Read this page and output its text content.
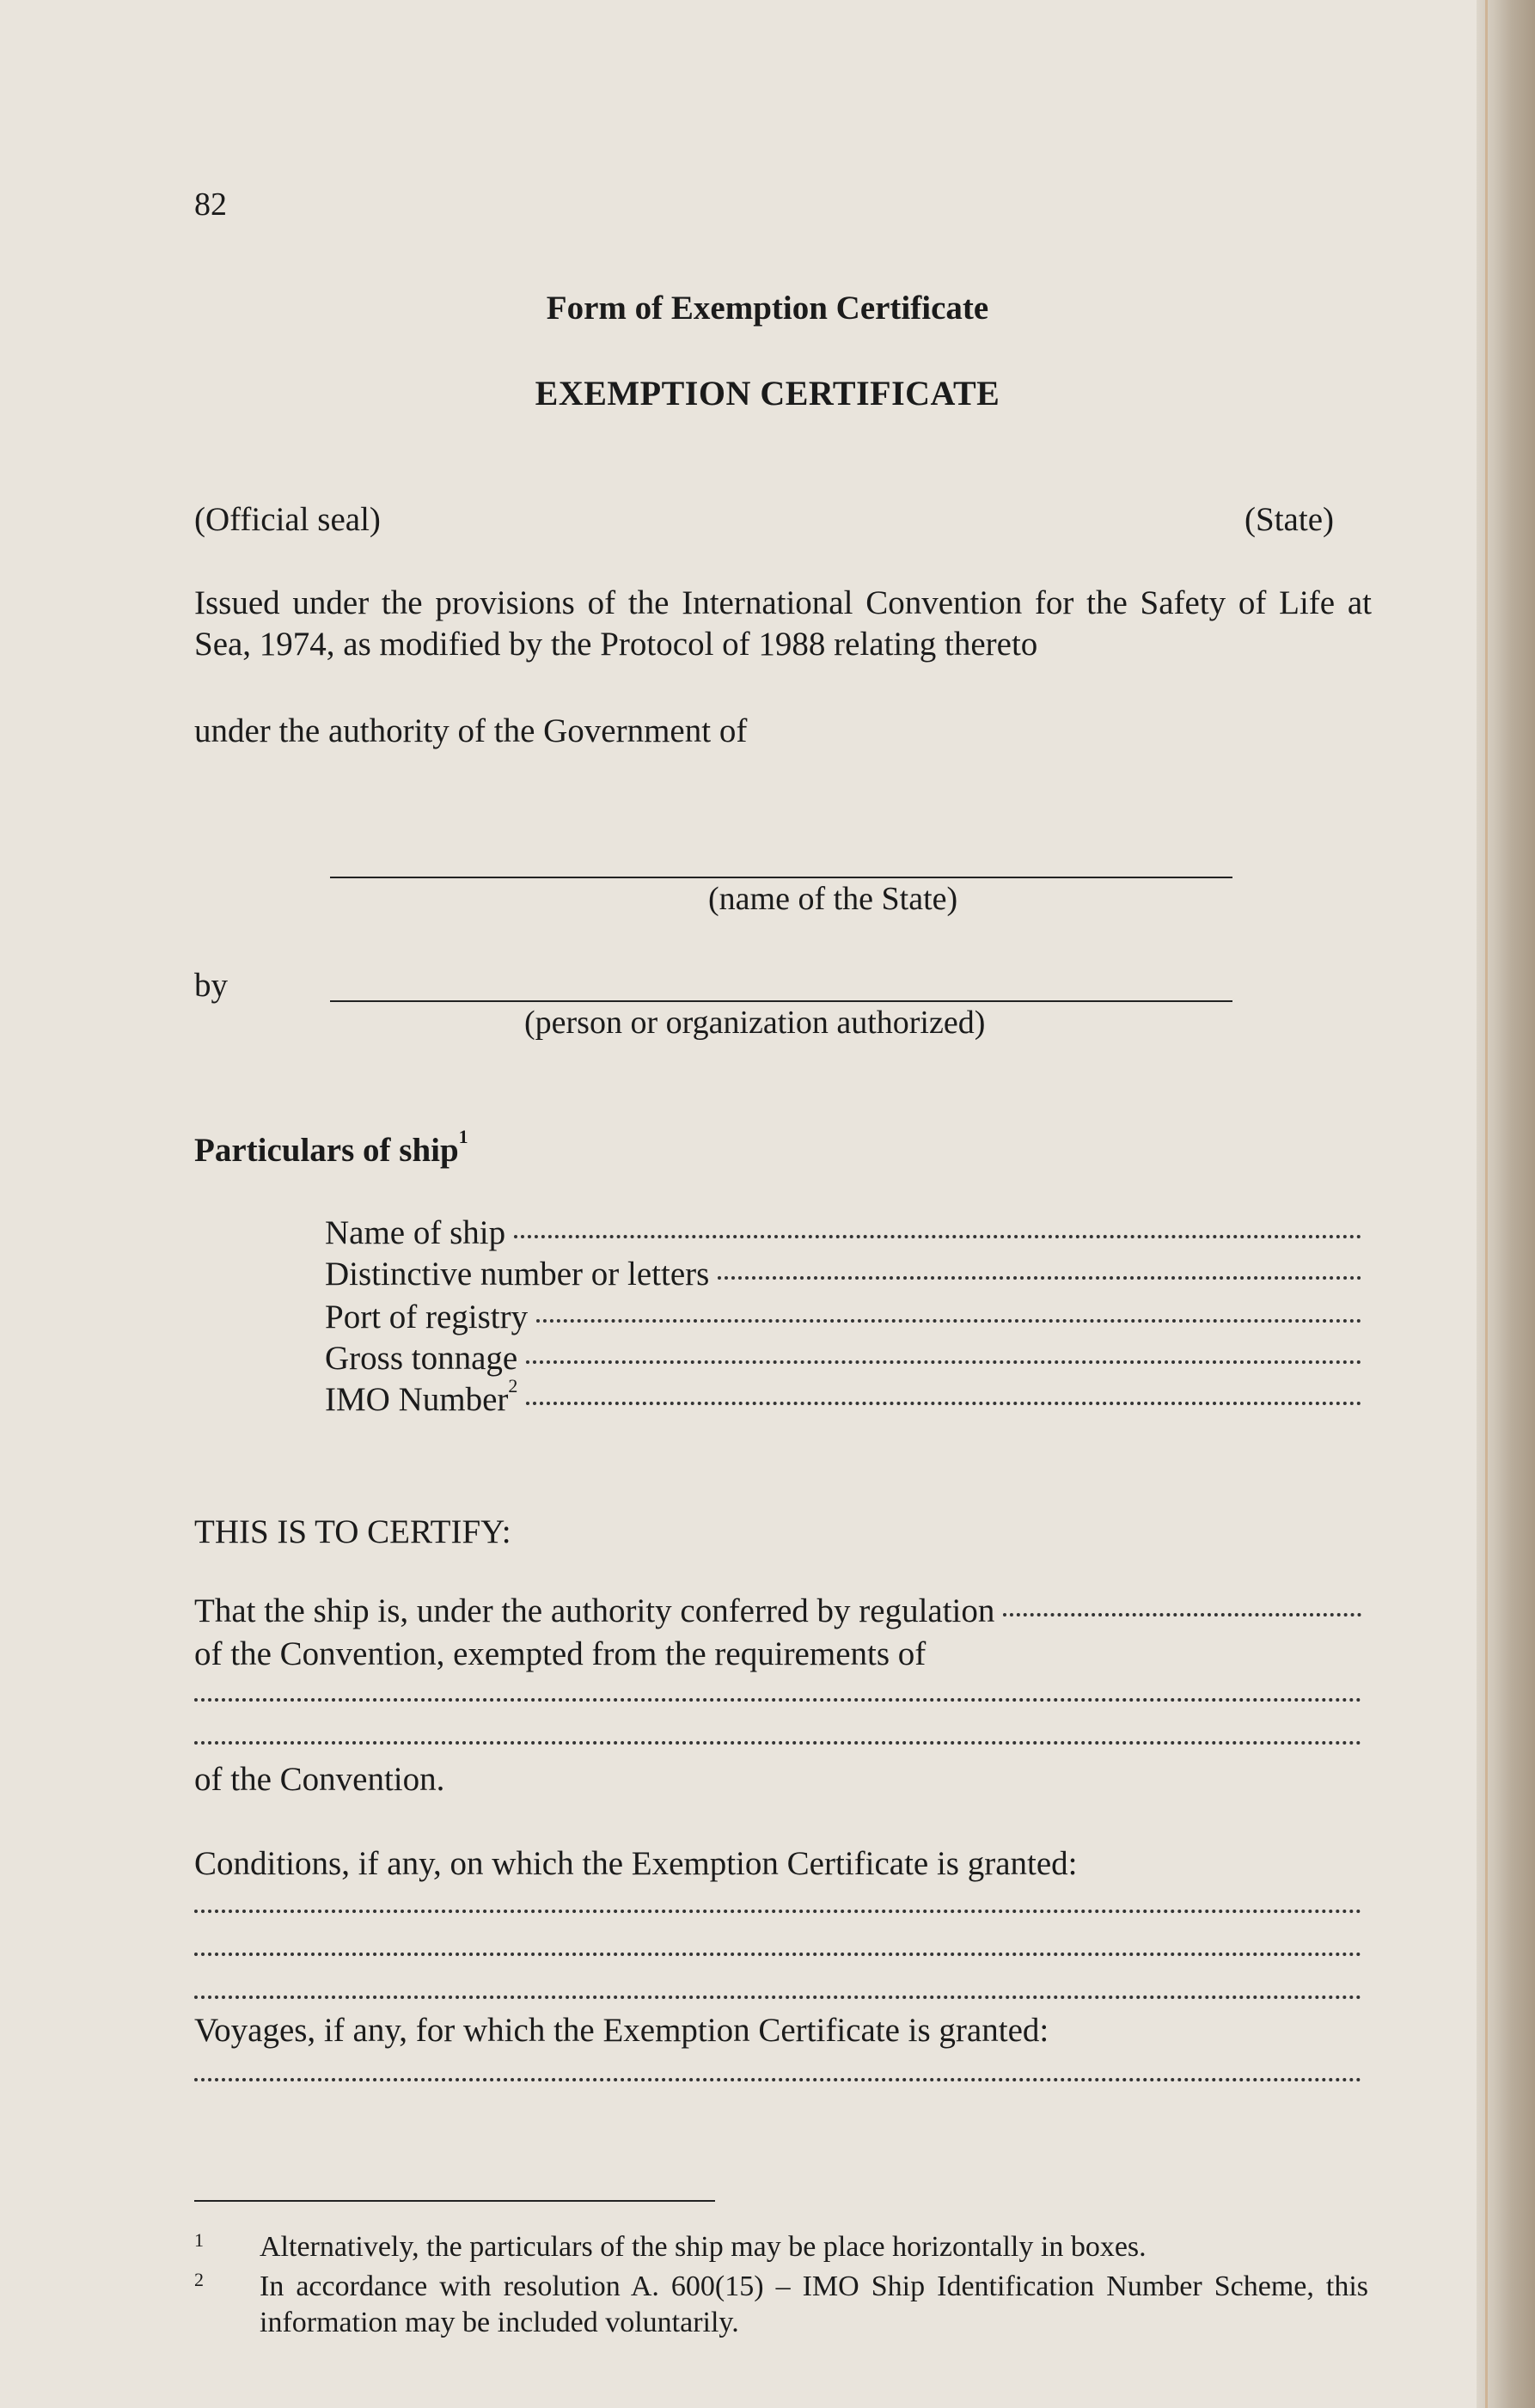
82
Form of Exemption Certificate
EXEMPTION CERTIFICATE
(Official seal)	(State)
Issued under the provisions of the International Convention for the Safety of Life at Sea, 1974, as modified by the Protocol of 1988 relating thereto
under the authority of the Government of
(name of the State)
by
(person or organization authorized)
Particulars of ship$^1$
Name of ship
Distinctive number or letters
Port of registry
Gross tonnage
IMO Number$^2$
THIS IS TO CERTIFY:
That the ship is, under the authority conferred by regulation
of the Convention, exempted from the requirements of
of the Convention.
Conditions, if any, on which the Exemption Certificate is granted:
Voyages, if any, for which the Exemption Certificate is granted:
1 Alternatively, the particulars of the ship may be place horizontally in boxes.
2 In accordance with resolution A. 600(15) – IMO Ship Identification Number Scheme, this information may be included voluntarily.
